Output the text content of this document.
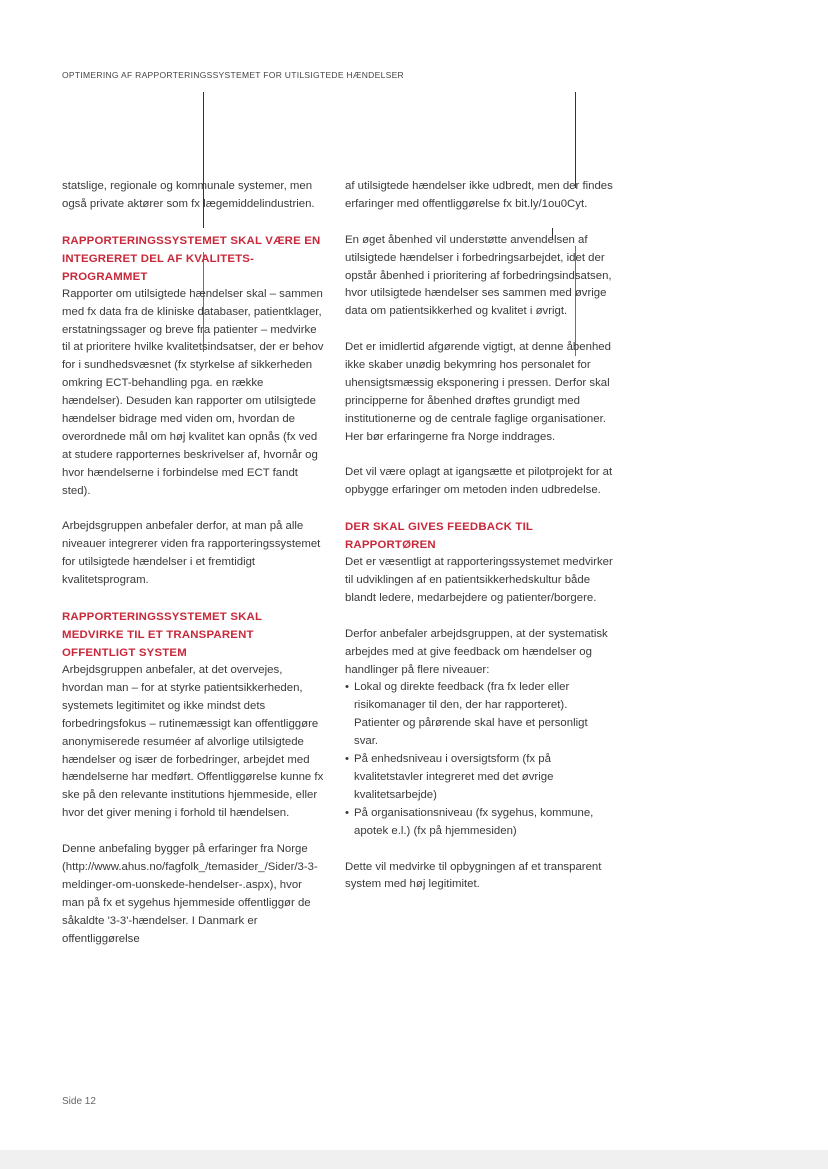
OPTIMERING AF RAPPORTERINGSSYSTEMET FOR UTILSIGTEDE HÆNDELSER

statslige, regionale og kommunale systemer, men også private aktører som fx lægemiddelindustrien.

RAPPORTERINGSSYSTEMET SKAL VÆRE EN INTEGRERET DEL AF KVALITETS-PROGRAMMET

Rapporter om utilsigtede hændelser skal – sammen med fx data fra de kliniske databaser, patientklager, erstatningssager og breve fra patienter – medvirke til at prioritere hvilke kvalitetsindsatser, der er behov for i sundhedsvæsnet (fx styrkelse af sikkerheden omkring ECT-behandling pga. en række hændelser). Desuden kan rapporter om utilsigtede hændelser bidrage med viden om, hvordan de overordnede mål om høj kvalitet kan opnås (fx ved at studere rapporternes beskrivelser af, hvornår og hvor hændelserne i forbindelse med ECT fandt sted).

Arbejdsgruppen anbefaler derfor, at man på alle niveauer integrerer viden fra rapporteringssystemet for utilsigtede hændelser i et fremtidigt kvalitetsprogram.

RAPPORTERINGSSYSTEMET SKAL MEDVIRKE TIL ET TRANSPARENT OFFENTLIGT SYSTEM

Arbejdsgruppen anbefaler, at det overvejes, hvordan man – for at styrke patientsikkerheden, systemets legitimitet og ikke mindst dets forbedringsfokus – rutinemæssigt kan offentliggøre anonymiserede resuméer af alvorlige utilsigtede hændelser og især de forbedringer, arbejdet med hændelserne har medført. Offentliggørelse kunne fx ske på den relevante institutions hjemmeside, eller hvor det giver mening i forhold til hændelsen.

Denne anbefaling bygger på erfaringer fra Norge (http://www.ahus.no/fagfolk_/temasider_/Sider/3-3-meldinger-om-uonskede-hendelser-.aspx), hvor man på fx et sygehus hjemmeside offentliggør de såkaldte '3-3'-hændelser. I Danmark er offentliggørelse

af utilsigtede hændelser ikke udbredt, men der findes erfaringer med offentliggørelse fx bit.ly/1ou0Cyt.

En øget åbenhed vil understøtte anvendelsen af utilsigtede hændelser i forbedringsarbejdet, idet der opstår åbenhed i prioritering af forbedringsindsatsen, hvor utilsigtede hændelser ses sammen med øvrige data om patientsikkerhed og kvalitet i øvrigt.

Det er imidlertid afgørende vigtigt, at denne åbenhed ikke skaber unødig bekymring hos personalet for uhensigtsmæssig eksponering i pressen. Derfor skal principperne for åbenhed drøftes grundigt med institutionerne og de centrale faglige organisationer. Her bør erfaringerne fra Norge inddrages.

Det vil være oplagt at igangsætte et pilotprojekt for at opbygge erfaringer om metoden inden udbredelse.

DER SKAL GIVES FEEDBACK TIL RAPPORTØREN

Det er væsentligt at rapporteringssystemet medvirker til udviklingen af en patientsikkerhedskultur både blandt ledere, medarbejdere og patienter/borgere.

Derfor anbefaler arbejdsgruppen, at der systematisk arbejdes med at give feedback om hændelser og handlinger på flere niveauer:

• Lokal og direkte feedback (fra fx leder eller risikomanager til den, der har rapporteret). Patienter og pårørende skal have et personligt svar.
• På enhedsniveau i oversigtsform (fx på kvalitetstavler integreret med det øvrige kvalitetsarbejde)
• På organisationsniveau (fx sygehus, kommune, apotek e.l.) (fx på hjemmesiden)

Dette vil medvirke til opbygningen af et transparent system med høj legitimitet.

Side 12
